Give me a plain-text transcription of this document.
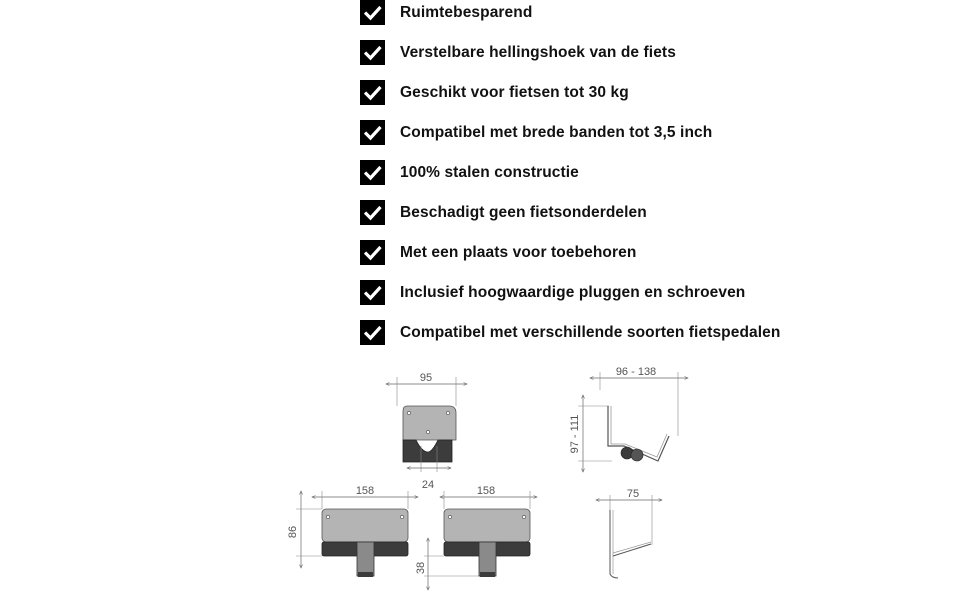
Ruimtebesparend
Verstelbare hellingshoek van de fiets
Geschikt voor fietsen tot 30 kg
Compatibel met brede banden tot 3,5 inch
100% stalen constructie
Beschadigt geen fietsonderdelen
Met een plaats voor toebehoren
Inclusief hoogwaardige pluggen en schroeven
Compatibel met verschillende soorten fietspedalen
95
24
96 - 138
97 - 111
158
86
158
38
75
